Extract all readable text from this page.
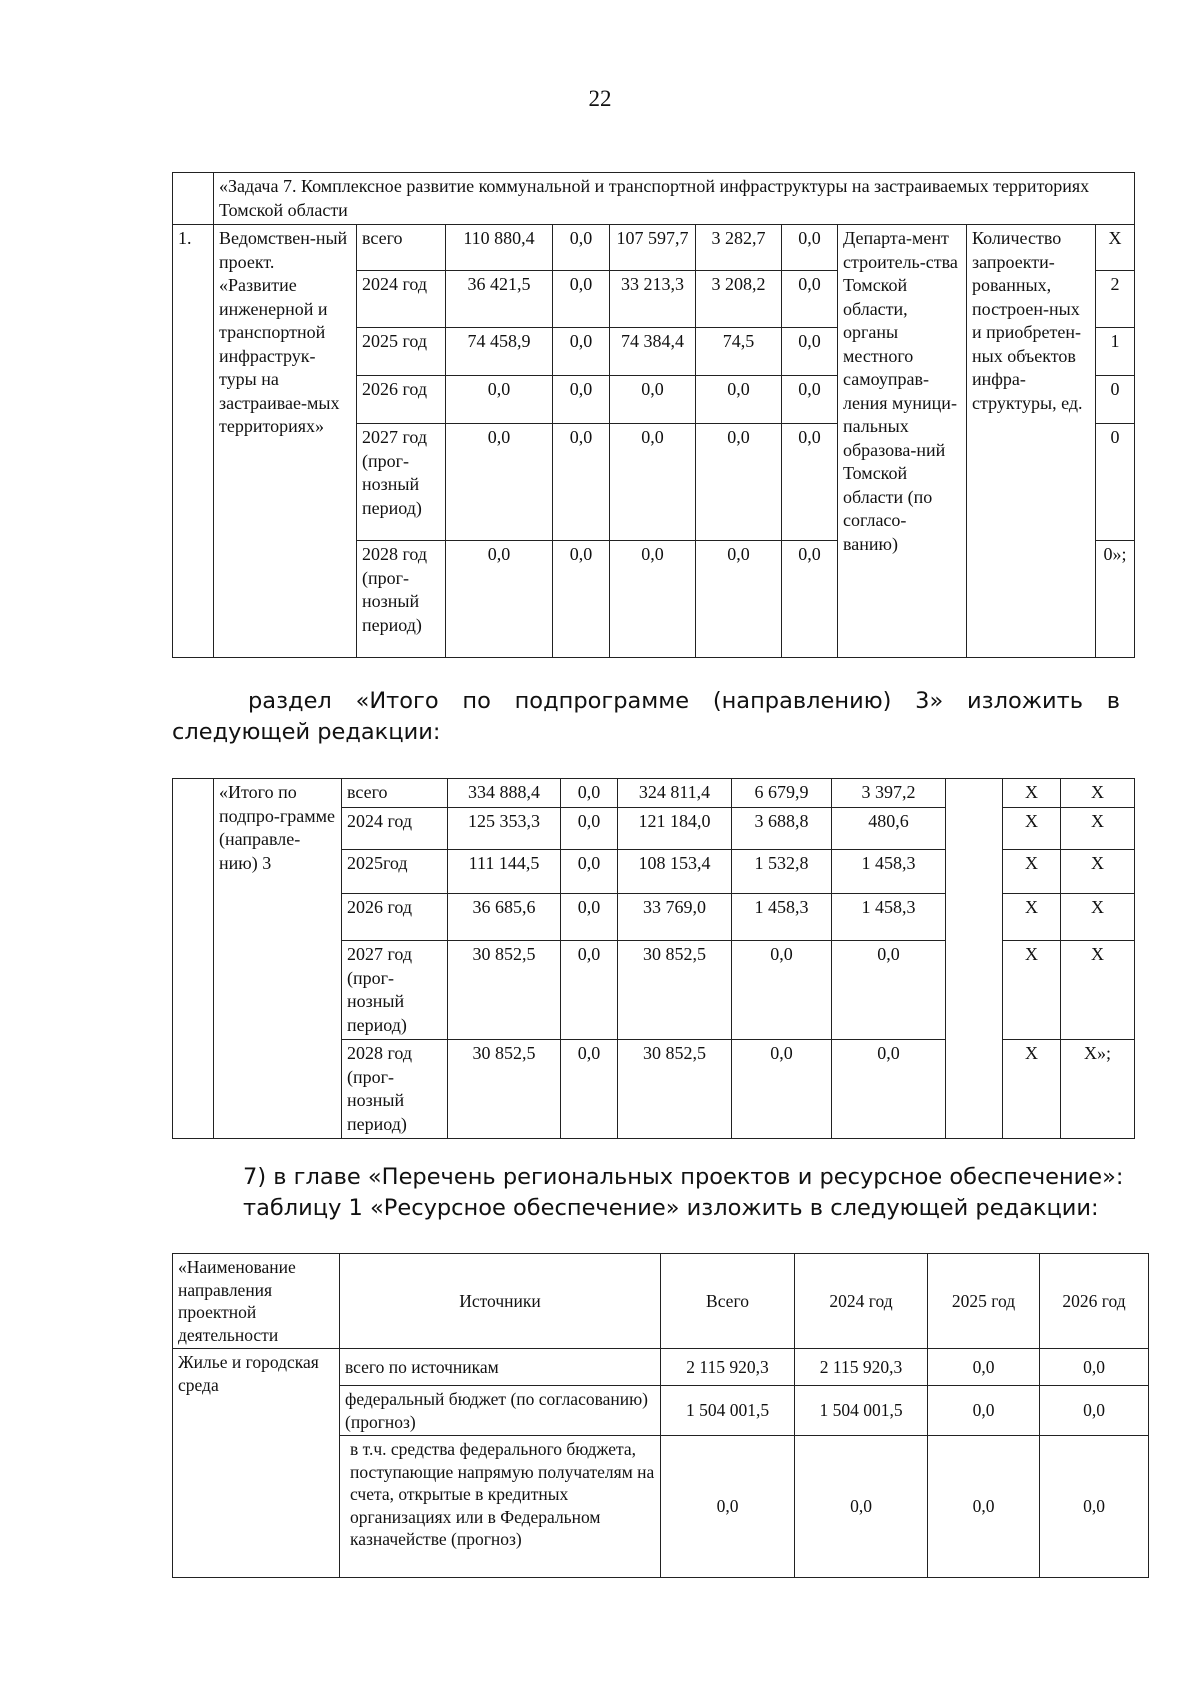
22
	«Задача 7. Комплексное развитие коммунальной и транспортной инфраструктуры на застраиваемых территориях Томской области									
1.	Ведомствен-ный проект. «Развитие инженерной и транспортной инфраструк-туры на застраивае-мых территориях»	всего	110 880,4	0,0	107 597,7	3 282,7	0,0	Департа-мент строитель-ства Томской области, органы местного самоуправ-ления муници-пальных образова-ний Томской области (по согласо-ванию)	Количество запроекти-рованных, построен-ных и приобретен-ных объектов инфра-структуры, ед.	Х
		2024 год	36 421,5	0,0	33 213,3	3 208,2	0,0			2
		2025 год	74 458,9	0,0	74 384,4	74,5	0,0			1
		2026 год	0,0	0,0	0,0	0,0	0,0			0
		2027 год (прог-нозный период)	0,0	0,0	0,0	0,0	0,0			0
		2028 год (прог-нозный период)	0,0	0,0	0,0	0,0	0,0			0»;
раздел «Итого по подпрограмме (направлению) 3» изложить в следующей редакции:
	«Итого по подпро-грамме (направле-нию) 3	всего	334 888,4	0,0	324 811,4	6 679,9	3 397,2		Х	Х
		2024 год	125 353,3	0,0	121 184,0	3 688,8	480,6		Х	Х
		2025год	111 144,5	0,0	108 153,4	1 532,8	1 458,3		Х	Х
		2026 год	36 685,6	0,0	33 769,0	1 458,3	1 458,3		Х	Х
		2027 год (прог-нозный период)	30 852,5	0,0	30 852,5	0,0	0,0		Х	Х
		2028 год (прог-нозный период)	30 852,5	0,0	30 852,5	0,0	0,0		Х	Х»;
7) в главе «Перечень региональных проектов и ресурсное обеспечение»:
таблицу 1 «Ресурсное обеспечение» изложить в следующей редакции:
«Наименование направления проектной деятельности	Источники	Всего	2024 год	2025 год	2026 год
Жилье и городская среда	всего по источникам	2 115 920,3	2 115 920,3	0,0	0,0
	федеральный бюджет (по согласованию) (прогноз)	1 504 001,5	1 504 001,5	0,0	0,0
	в т.ч. средства федерального бюджета, поступающие напрямую получателям на счета, открытые в кредитных организациях или в Федеральном казначействе (прогноз)	0,0	0,0	0,0	0,0
